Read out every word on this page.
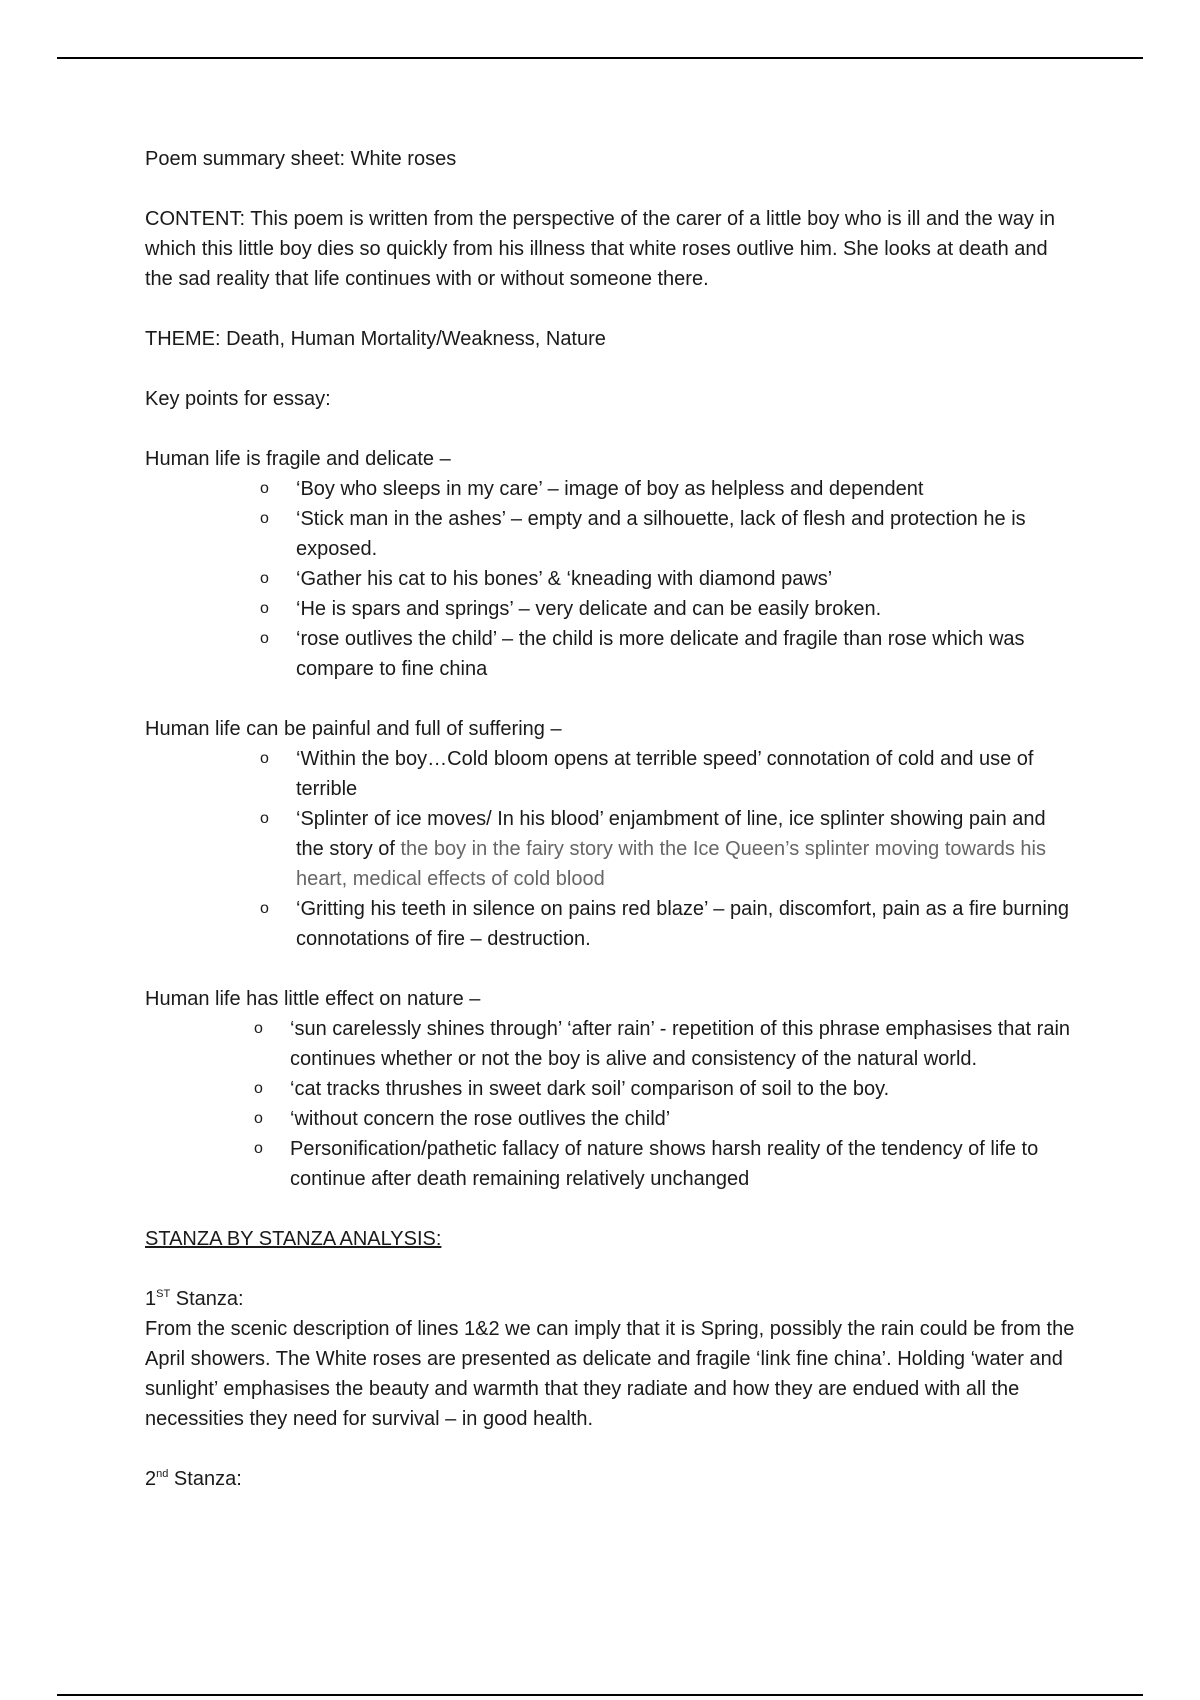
Poem summary sheet: White roses

CONTENT: This poem is written from the perspective of the carer of a little boy who is ill and the way in which this little boy dies so quickly from his illness that white roses outlive him. She looks at death and the sad reality that life continues with or without someone there.

THEME: Death, Human Mortality/Weakness, Nature

Key points for essay:

Human life is fragile and delicate –

o ‘Boy who sleeps in my care’ – image of boy as helpless and dependent
o ‘Stick man in the ashes’ – empty and a silhouette, lack of flesh and protection he is exposed.
o ‘Gather his cat to his bones’ & ‘kneading with diamond paws’
o ‘He is spars and springs’ – very delicate and can be easily broken.
o ‘rose outlives the child’ – the child is more delicate and fragile than rose which was compare to fine china

Human life can be painful and full of suffering –

o ‘Within the boy…Cold bloom opens at terrible speed’ connotation of cold and use of terrible
o ‘Splinter of ice moves/ In his blood’ enjambment of line, ice splinter showing pain and the story of the boy in the fairy story with the Ice Queen’s splinter moving towards his heart, medical effects of cold blood
o ‘Gritting his teeth in silence on pains red blaze’ – pain, discomfort, pain as a fire burning connotations of fire – destruction.

Human life has little effect on nature –

o ‘sun carelessly shines through’ ‘after rain’ - repetition of this phrase emphasises that rain continues whether or not the boy is alive and consistency of the natural world.
o ‘cat tracks thrushes in sweet dark soil’ comparison of soil to the boy.
o ‘without concern the rose outlives the child’
o Personification/pathetic fallacy of nature shows harsh reality of the tendency of life to continue after death remaining relatively unchanged

STANZA BY STANZA ANALYSIS:

1ST Stanza:

From the scenic description of lines 1&2 we can imply that it is Spring, possibly the rain could be from the April showers. The White roses are presented as delicate and fragile ‘link fine china’. Holding ‘water and sunlight’ emphasises the beauty and warmth that they radiate and how they are endued with all the necessities they need for survival – in good health.

2nd Stanza:
